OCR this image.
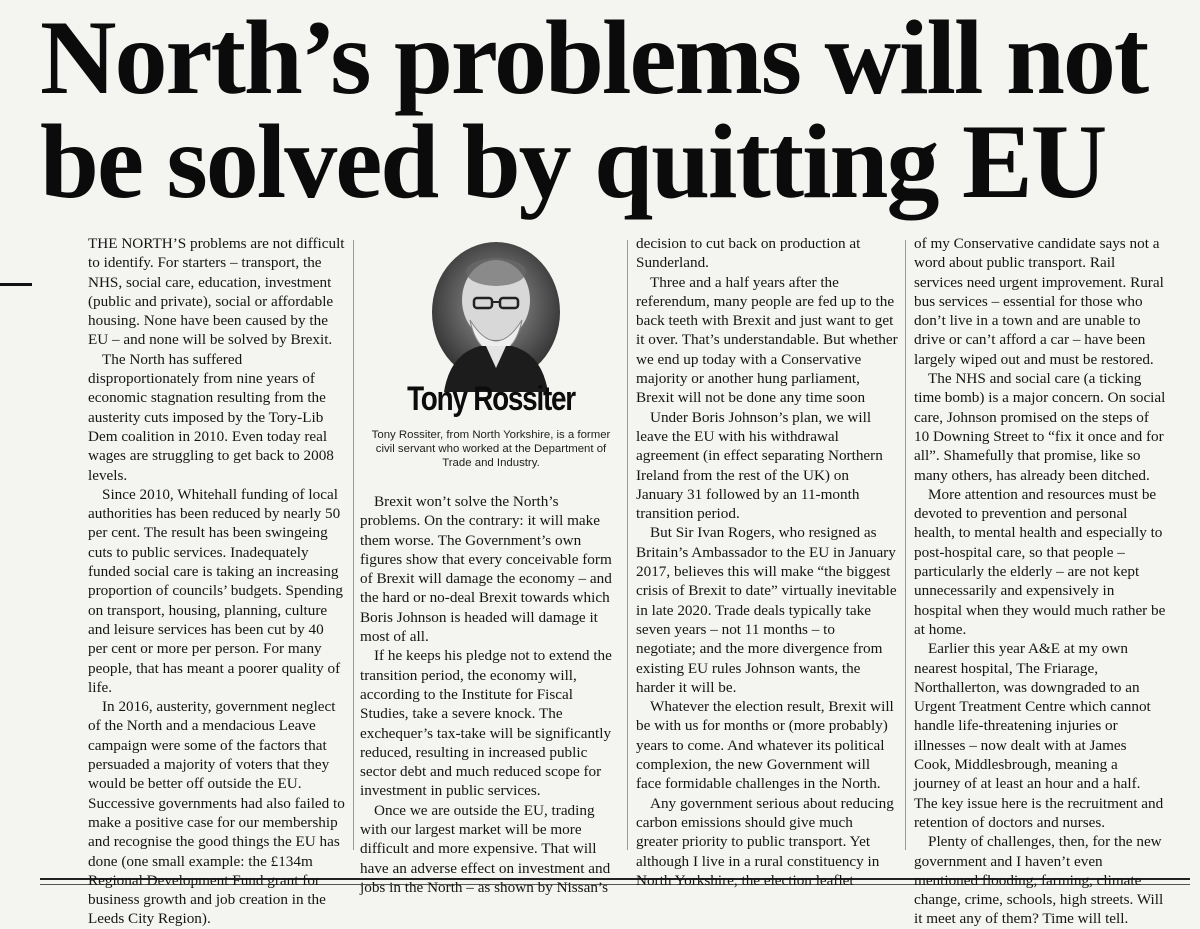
North’s problems will not
be solved by quitting EU

THE NORTH’S problems are not difficult to identify. For starters – transport, the NHS, social care, education, investment (public and private), social or affordable housing. None have been caused by the EU – and none will be solved by Brexit.

The North has suffered disproportionately from nine years of economic stagnation resulting from the austerity cuts imposed by the Tory-Lib Dem coalition in 2010. Even today real wages are struggling to get back to 2008 levels.

Since 2010, Whitehall funding of local authorities has been reduced by nearly 50 per cent. The result has been swingeing cuts to public services. Inadequately funded social care is taking an increasing proportion of councils’ budgets. Spending on transport, housing, planning, culture and leisure services has been cut by 40 per cent or more per person. For many people, that has meant a poorer quality of life.

In 2016, austerity, government neglect of the North and a mendacious Leave campaign were some of the factors that persuaded a majority of voters that they would be better off outside the EU. Successive governments had also failed to make a positive case for our membership and recognise the good things the EU has done (one small example: the £134m Regional Development Fund grant for business growth and job creation in the Leeds City Region).

Tony Rossiter
Tony Rossiter, from North Yorkshire, is a former civil servant who worked at the Department of Trade and Industry.

Brexit won’t solve the North’s problems. On the contrary: it will make them worse. The Government’s own figures show that every conceivable form of Brexit will damage the economy – and the hard or no-deal Brexit towards which Boris Johnson is headed will damage it most of all.

If he keeps his pledge not to extend the transition period, the economy will, according to the Institute for Fiscal Studies, take a severe knock. The exchequer’s tax-take will be significantly reduced, resulting in increased public sector debt and much reduced scope for investment in public services.

Once we are outside the EU, trading with our largest market will be more difficult and more expensive. That will have an adverse effect on investment and jobs in the North – as shown by Nissan’s

decision to cut back on production at Sunderland.

Three and a half years after the referendum, many people are fed up to the back teeth with Brexit and just want to get it over. That’s understandable. But whether we end up today with a Conservative majority or another hung parliament, Brexit will not be done any time soon

Under Boris Johnson’s plan, we will leave the EU with his withdrawal agreement (in effect separating Northern Ireland from the rest of the UK) on January 31 followed by an 11-month transition period.

But Sir Ivan Rogers, who resigned as Britain’s Ambassador to the EU in January 2017, believes this will make “the biggest crisis of Brexit to date” virtually inevitable in late 2020. Trade deals typically take seven years – not 11 months – to negotiate; and the more divergence from existing EU rules Johnson wants, the harder it will be.

Whatever the election result, Brexit will be with us for months or (more probably) years to come. And whatever its political complexion, the new Government will face formidable challenges in the North.

Any government serious about reducing carbon emissions should give much greater priority to public transport. Yet although I live in a rural constituency in North Yorkshire, the election leaflet

of my Conservative candidate says not a word about public transport. Rail services need urgent improvement. Rural bus services – essential for those who don’t live in a town and are unable to drive or can’t afford a car – have been largely wiped out and must be restored.

The NHS and social care (a ticking time bomb) is a major concern. On social care, Johnson promised on the steps of 10 Downing Street to “fix it once and for all”. Shamefully that promise, like so many others, has already been ditched.

More attention and resources must be devoted to prevention and personal health, to mental health and especially to post-hospital care, so that people – particularly the elderly – are not kept unnecessarily and expensively in hospital when they would much rather be at home.

Earlier this year A&E at my own nearest hospital, The Friarage, Northallerton, was downgraded to an Urgent Treatment Centre which cannot handle life-threatening injuries or illnesses – now dealt with at James Cook, Middlesbrough, meaning a journey of at least an hour and a half. The key issue here is the recruitment and retention of doctors and nurses.

Plenty of challenges, then, for the new government and I haven’t even mentioned flooding, farming, climate change, crime, schools, high streets. Will it meet any of them? Time will tell.
